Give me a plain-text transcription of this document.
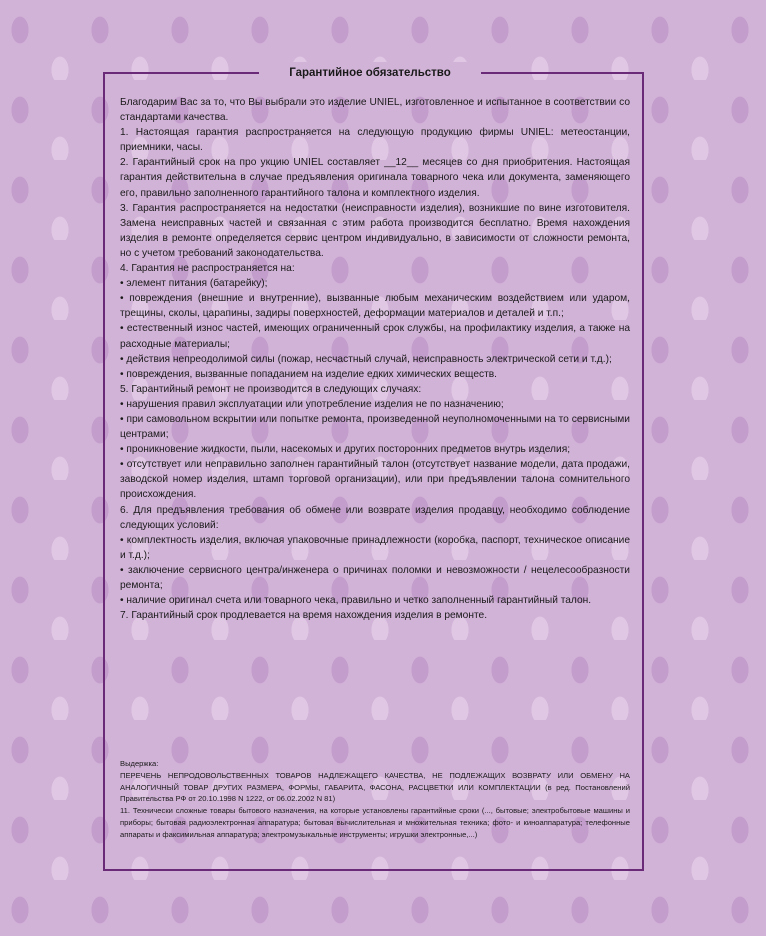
Гарантийное обязательство

Благодарим Вас за то, что Вы выбрали это изделие UNIEL, изготовленное и испытанное в соответствии со стандартами качества.

1. Настоящая гарантия распространяется на следующую продукцию фирмы UNIEL: метеостанции, приемники, часы.

2. Гарантийный срок на про укцию UNIEL составляет __12__ месяцев со дня приобритения. Настоящая гарантия действительна в случае предъявления оригинала товарного чека или документа, заменяющего его, правильно заполненного гарантийного талона и комплектного изделия.

3. Гарантия распространяется на недостатки (неисправности изделия), возникшие по вине изготовителя. Замена неисправных частей и связанная с этим работа производится бесплатно. Время нахождения изделия в ремонте определяется сервис центром индивидуально, в зависимости от сложности ремонта, но с учетом требований законодательства.

4. Гарантия не распространяется на:

• элемент питания (батарейку);

• повреждения (внешние и внутренние), вызванные любым механическим воздействием или ударом, трещины, сколы, царапины, задиры поверхностей, деформации материалов и деталей и т.п.;

• естественный износ частей, имеющих ограниченный срок службы, на профилактику изделия, а также на расходные материалы;

• действия непреодолимой силы (пожар, несчастный случай, неисправность электрической сети и т.д.);

• повреждения, вызванные попаданием на изделие едких химических веществ.

5. Гарантийный ремонт не производится в следующих случаях:

• нарушения правил эксплуатации или употребление изделия не по назначению;

• при самовольном вскрытии или попытке ремонта, произведенной неуполномоченными на то сервисными центрами;

• проникновение жидкости, пыли, насекомых и других посторонних предметов внутрь изделия;

• отсутствует или неправильно заполнен гарантийный талон (отсутствует название модели, дата продажи, заводской номер изделия, штамп торговой организации), или при предъявлении талона сомнительного происхождения.

6. Для предъявления требования об обмене или возврате изделия продавцу, необходимо соблюдение следующих условий:

• комплектность изделия, включая упаковочные принадлежности (коробка, паспорт, техническое описание и т.д.);

• заключение сервисного центра/инженера о причинах поломки и невозможности / нецелесообразности ремонта;

• наличие оригинал счета или товарного чека, правильно и четко заполненный гарантийный талон.

7. Гарантийный срок продлевается на время нахождения изделия в ремонте.

Выдержка:

ПЕРЕЧЕНЬ НЕПРОДОВОЛЬСТВЕННЫХ ТОВАРОВ НАДЛЕЖАЩЕГО КАЧЕСТВА, НЕ ПОДЛЕЖАЩИХ ВОЗВРАТУ ИЛИ ОБМЕНУ НА АНАЛОГИЧНЫЙ ТОВАР ДРУГИХ РАЗМЕРА, ФОРМЫ, ГАБАРИТА, ФАСОНА, РАСЦВЕТКИ ИЛИ КОМПЛЕКТАЦИИ (в ред. Постановлений Правительства РФ от 20.10.1998 N 1222, от 06.02.2002 N 81)

11. Технически сложные товары бытового назначения, на которые установлены гарантийные сроки (..., бытовые; электробытовые машины и приборы; бытовая радиоэлектронная аппаратура; бытовая вычислительная и множительная техника; фото- и киноаппаратура; телефонные аппараты и факсимильная аппаратура; электромузыкальные инструменты; игрушки электронные,...)
